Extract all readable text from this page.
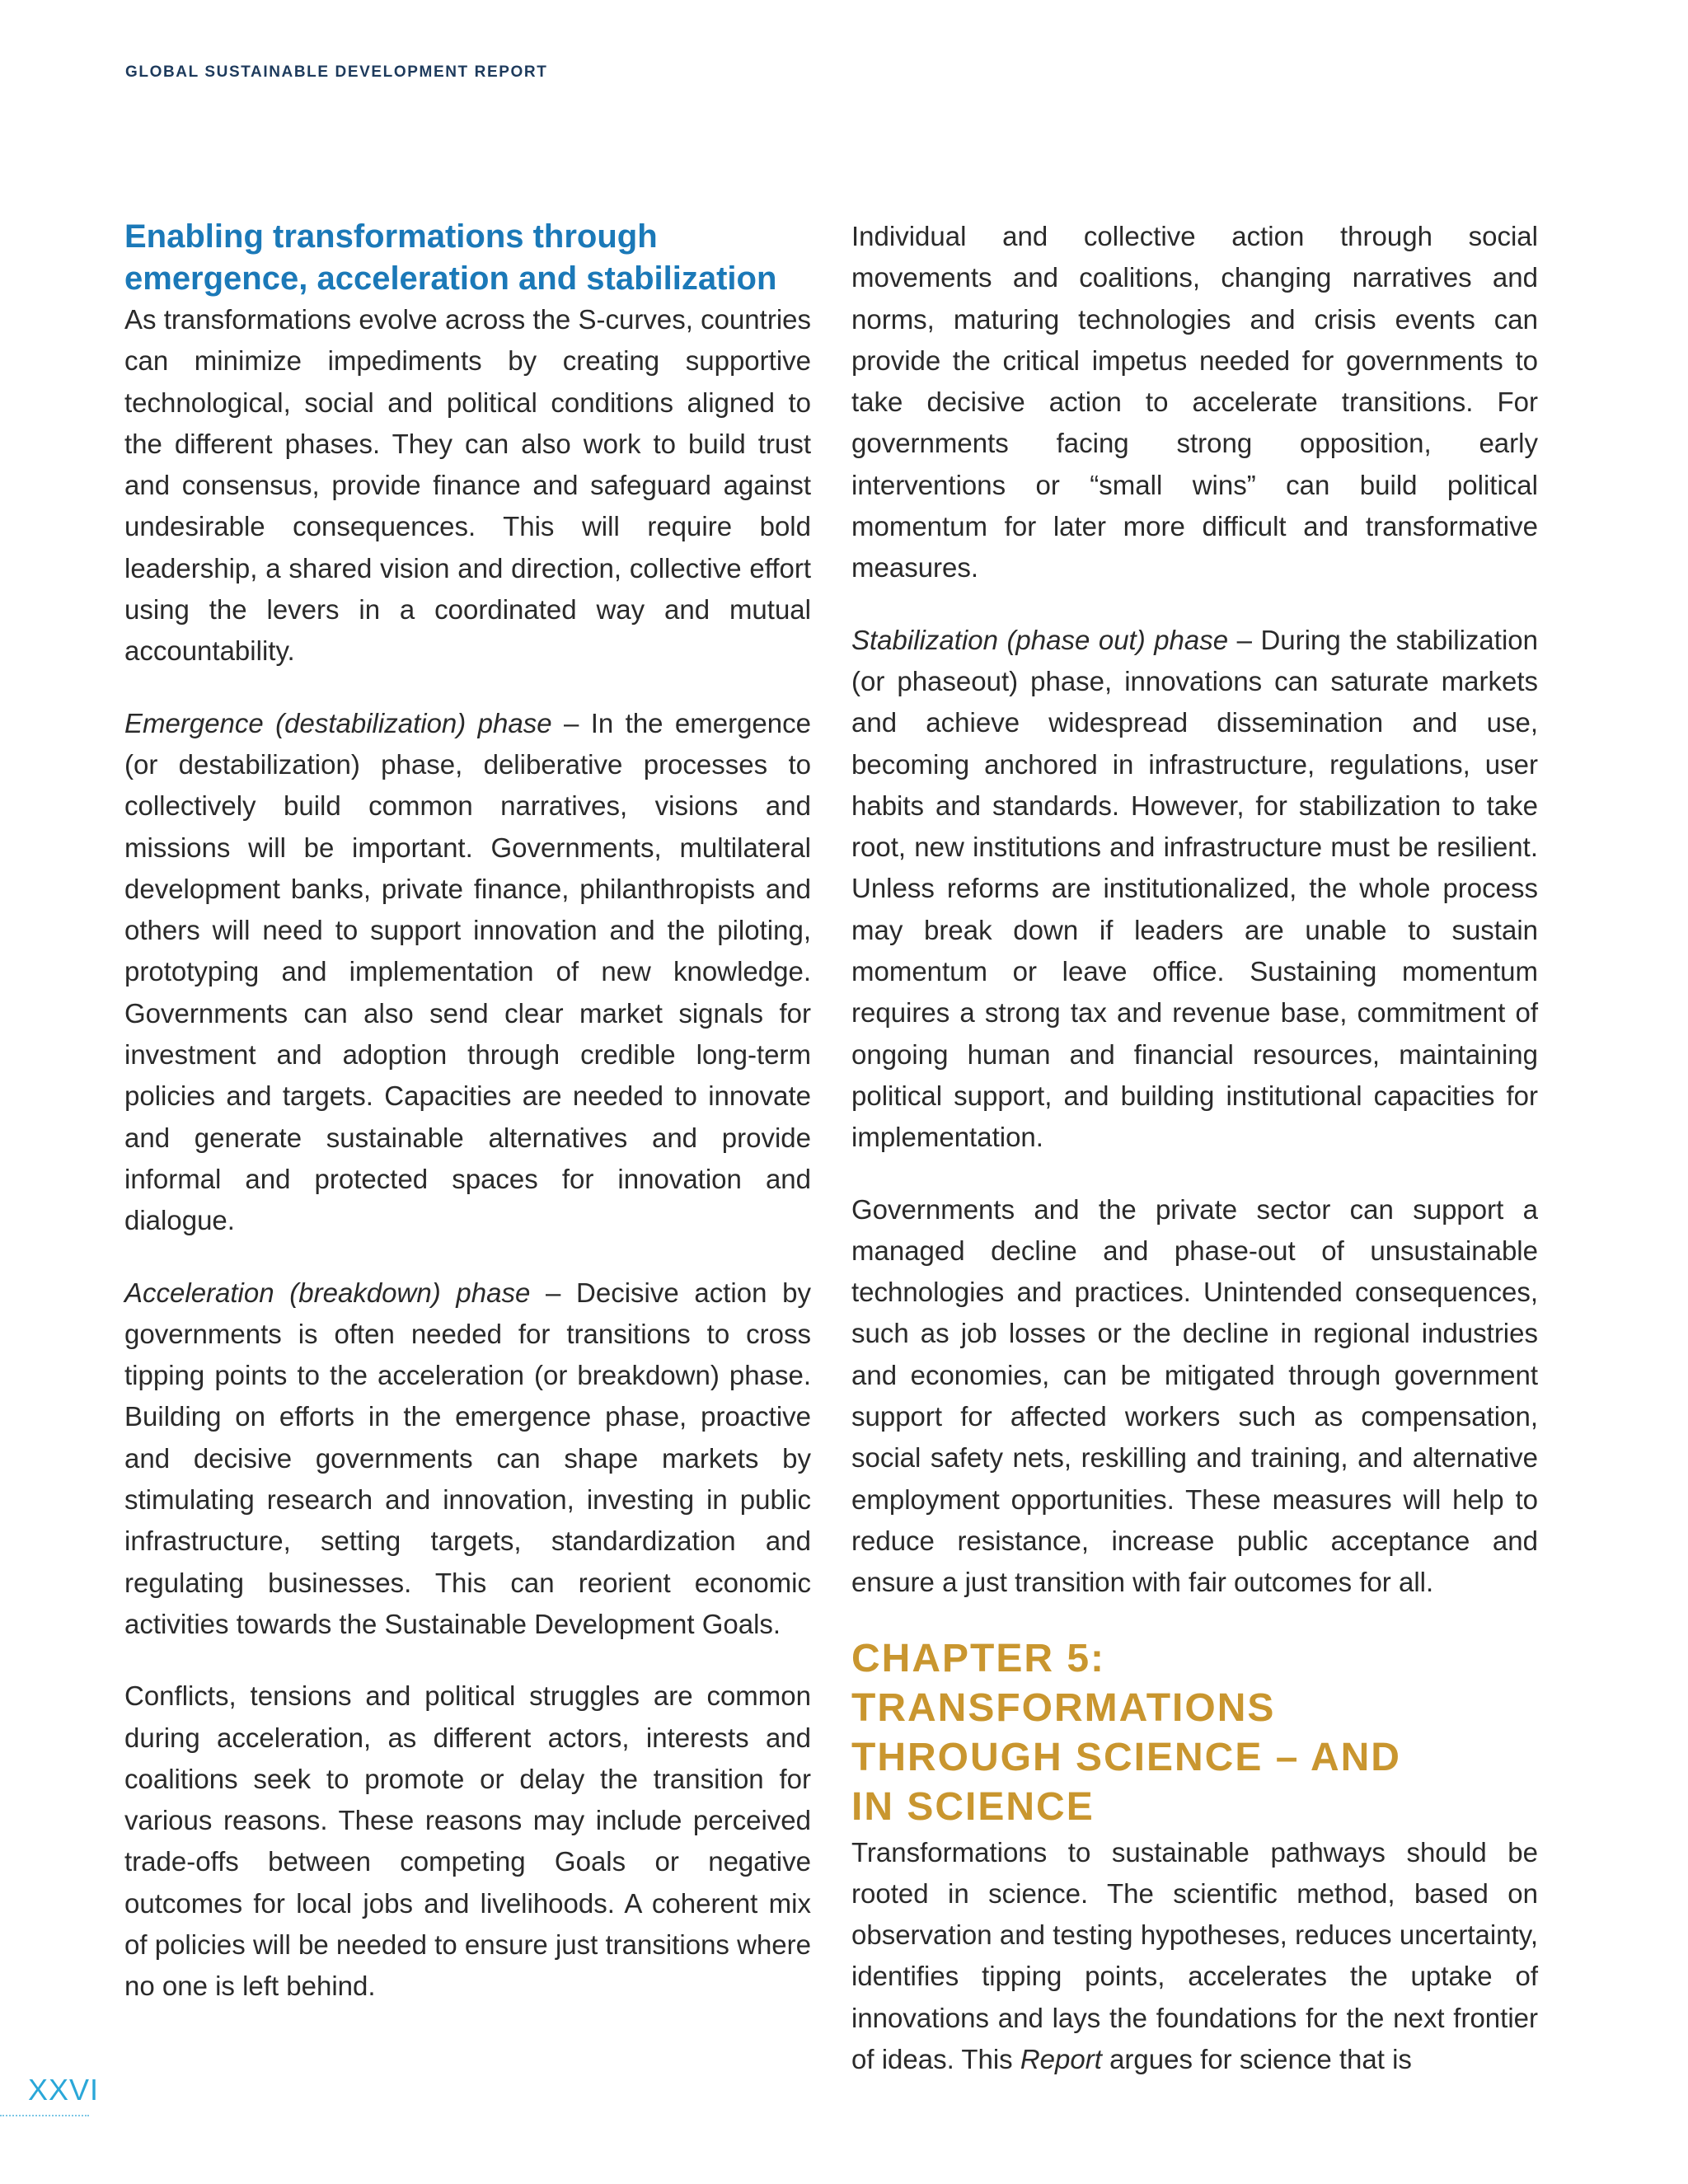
GLOBAL SUSTAINABLE DEVELOPMENT REPORT
Enabling transformations through
emergence, acceleration and stabilization

As transformations evolve across the S-curves, countries can minimize impediments by creating supportive technological, social and political conditions aligned to the different phases. They can also work to build trust and consensus, provide finance and safeguard against undesirable consequences. This will require bold leadership, a shared vision and direction, collective effort using the levers in a coordinated way and mutual accountability.

Emergence (destabilization) phase – In the emergence (or destabilization) phase, deliberative processes to collectively build common narratives, visions and missions will be important. Governments, multilateral development banks, private finance, philanthropists and others will need to support innovation and the piloting, prototyping and implementation of new knowledge. Governments can also send clear market signals for investment and adoption through credible long-term policies and targets. Capacities are needed to innovate and generate sustainable alternatives and provide informal and protected spaces for innovation and dialogue.

Acceleration (breakdown) phase – Decisive action by governments is often needed for transitions to cross tipping points to the acceleration (or breakdown) phase. Building on efforts in the emergence phase, proactive and decisive governments can shape markets by stimulating research and innovation, investing in public infrastructure, setting targets, standardization and regulating businesses. This can reorient economic activities towards the Sustainable Development Goals.

Conflicts, tensions and political struggles are common during acceleration, as different actors, interests and coalitions seek to promote or delay the transition for various reasons. These reasons may include perceived trade-offs between competing Goals or negative outcomes for local jobs and livelihoods. A coherent mix of policies will be needed to ensure just transitions where no one is left behind.

Individual and collective action through social movements and coalitions, changing narratives and norms, maturing technologies and crisis events can provide the critical impetus needed for governments to take decisive action to accelerate transitions. For governments facing strong opposition, early interventions or “small wins” can build political momentum for later more difficult and transformative measures.

Stabilization (phase out) phase – During the stabilization (or phaseout) phase, innovations can saturate markets and achieve widespread dissemination and use, becoming anchored in infrastructure, regulations, user habits and standards. However, for stabilization to take root, new institutions and infrastructure must be resilient. Unless reforms are institutionalized, the whole process may break down if leaders are unable to sustain momentum or leave office. Sustaining momentum requires a strong tax and revenue base, commitment of ongoing human and financial resources, maintaining political support, and building institutional capacities for implementation.

Governments and the private sector can support a managed decline and phase-out of unsustainable technologies and practices. Unintended consequences, such as job losses or the decline in regional industries and economies, can be mitigated through government support for affected workers such as compensation, social safety nets, reskilling and training, and alternative employment opportunities. These measures will help to reduce resistance, increase public acceptance and ensure a just transition with fair outcomes for all.

CHAPTER 5: TRANSFORMATIONS
THROUGH SCIENCE – AND
IN SCIENCE

Transformations to sustainable pathways should be rooted in science. The scientific method, based on observation and testing hypotheses, reduces uncertainty, identifies tipping points, accelerates the uptake of innovations and lays the foundations for the next frontier of ideas. This Report argues for science that is

XXVI
